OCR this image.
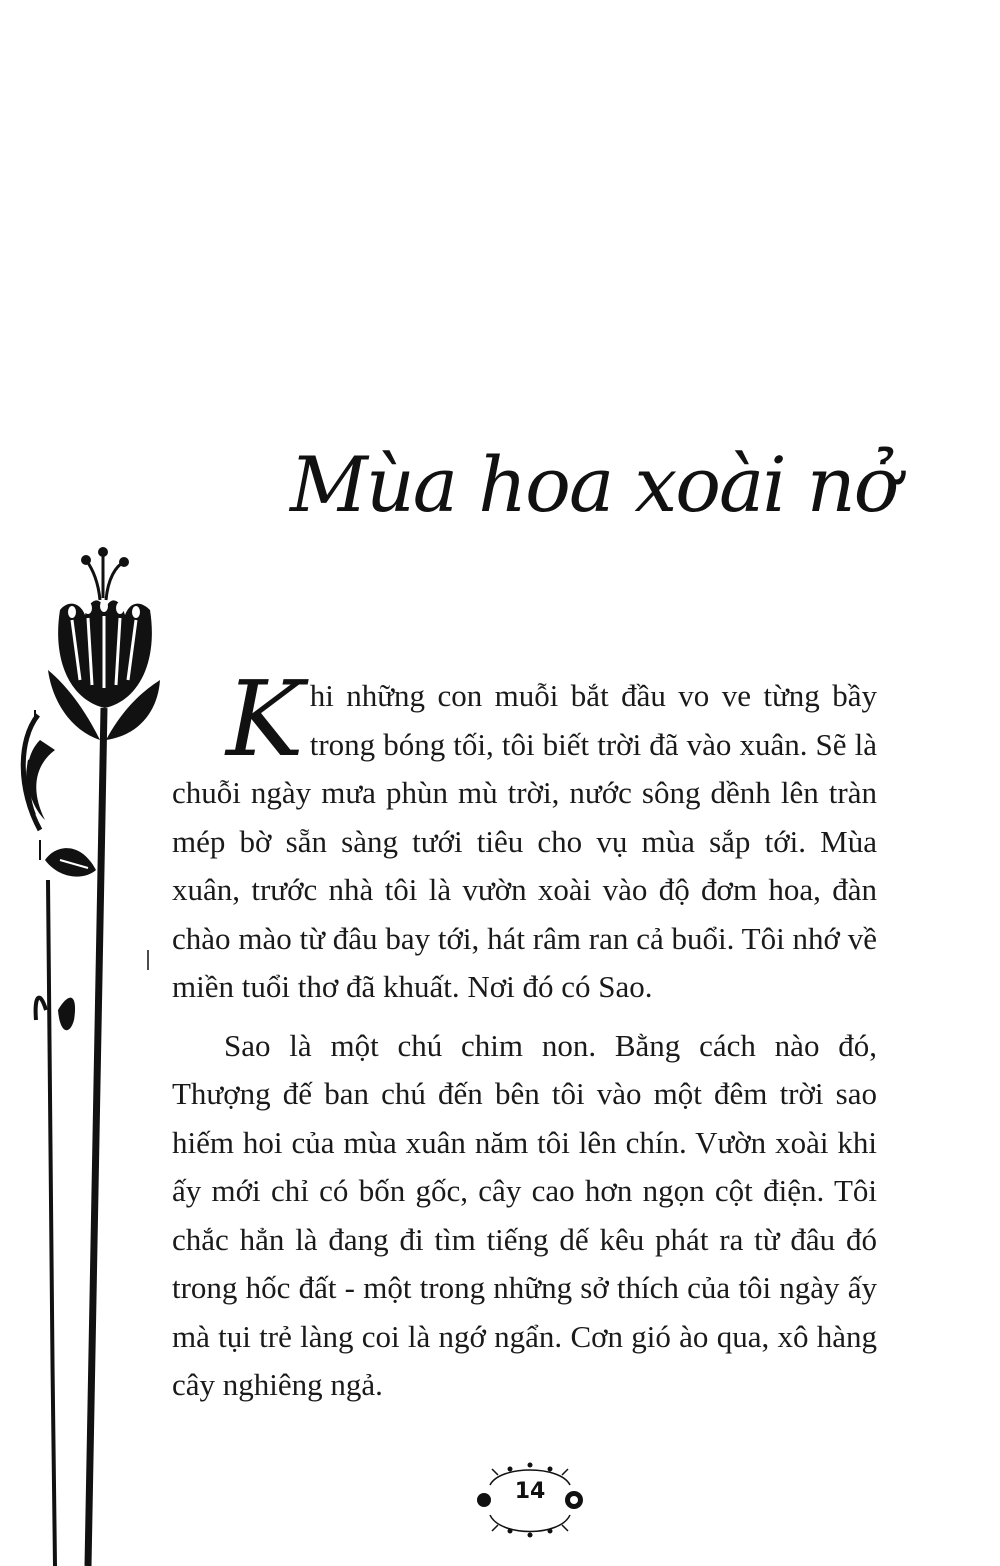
Mùa hoa xoài nở

Khi những con muỗi bắt đầu vo ve từng bầy trong bóng tối, tôi biết trời đã vào xuân. Sẽ là chuỗi ngày mưa phùn mù trời, nước sông dềnh lên tràn mép bờ sẵn sàng tưới tiêu cho vụ mùa sắp tới. Mùa xuân, trước nhà tôi là vườn xoài vào độ đơm hoa, đàn chào mào từ đâu bay tới, hát râm ran cả buổi. Tôi nhớ về miền tuổi thơ đã khuất. Nơi đó có Sao.

Sao là một chú chim non. Bằng cách nào đó, Thượng đế ban chú đến bên tôi vào một đêm trời sao hiếm hoi của mùa xuân năm tôi lên chín. Vườn xoài khi ấy mới chỉ có bốn gốc, cây cao hơn ngọn cột điện. Tôi chắc hẳn là đang đi tìm tiếng dế kêu phát ra từ đâu đó trong hốc đất - một trong những sở thích của tôi ngày ấy mà tụi trẻ làng coi là ngớ ngẩn. Cơn gió ào qua, xô hàng cây nghiêng ngả.

14
